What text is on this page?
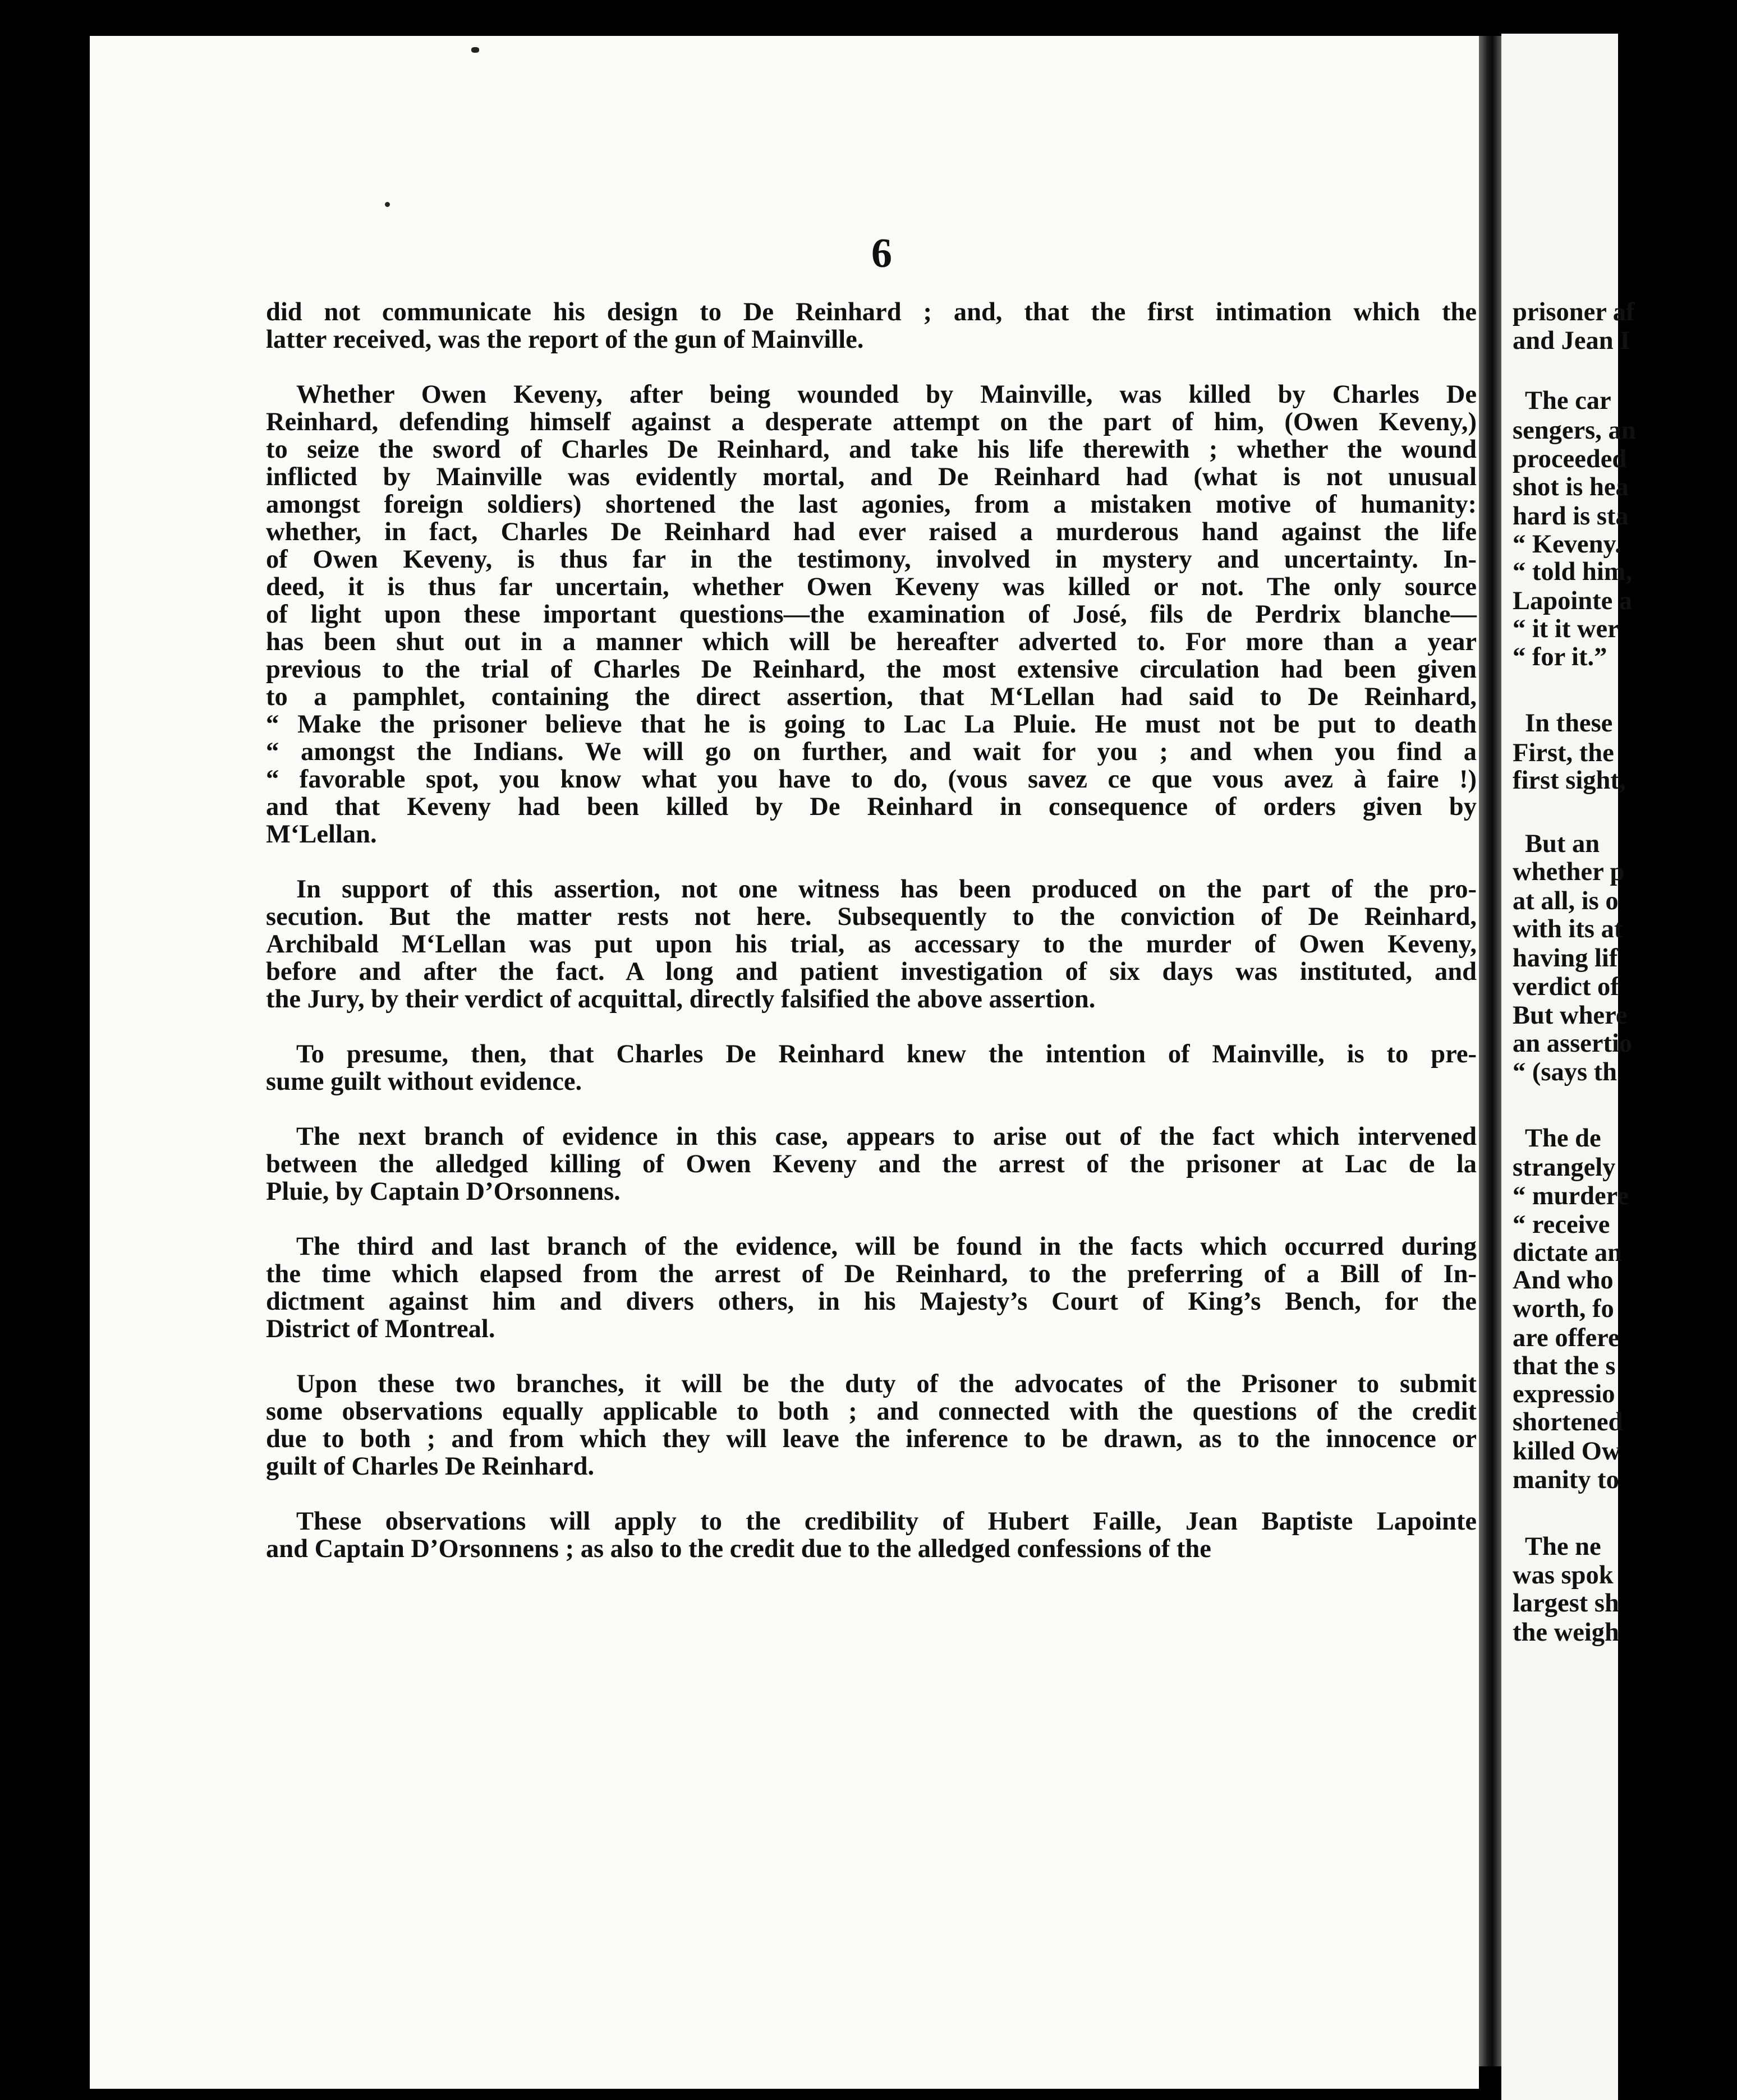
prisoner af
and Jean I
The car
sengers, an
proceeded
shot is hea
hard is sta
“ Keveny.
“ told him,
Lapointe a
“ it it wer
“ for it.”
In these
First, the
first sight,
But an
whether p
at all, is o
with its at
having lif
verdict of
But where
an assertio
“ (says th
The de
strangely
“ murdere
“ receive
dictate an
And who
worth, fo
are offere
that the s
expressio
shortened
killed Ow
manity to
The ne
was spok
largest sh
the weigh
6

did not communicate his design to De Reinhard ; and, that the first intimation which the
latter received, was the report of the gun of Mainville.

Whether Owen Keveny, after being wounded by Mainville, was killed by Charles De
Reinhard, defending himself against a desperate attempt on the part of him, (Owen Keveny,)
to seize the sword of Charles De Reinhard, and take his life therewith ; whether the wound
inflicted by Mainville was evidently mortal, and De Reinhard had (what is not unusual
amongst foreign soldiers) shortened the last agonies, from a mistaken motive of humanity:
whether, in fact, Charles De Reinhard had ever raised a murderous hand against the life
of Owen Keveny, is thus far in the testimony, involved in mystery and uncertainty. In-
deed, it is thus far uncertain, whether Owen Keveny was killed or not. The only source
of light upon these important questions—the examination of José, fils de Perdrix blanche—
has been shut out in a manner which will be hereafter adverted to. For more than a year
previous to the trial of Charles De Reinhard, the most extensive circulation had been given
to a pamphlet, containing the direct assertion, that M‘Lellan had said to De Reinhard,
“ Make the prisoner believe that he is going to Lac La Pluie. He must not be put to death
“ amongst the Indians. We will go on further, and wait for you ; and when you find a
“ favorable spot, you know what you have to do, (vous savez ce que vous avez à faire !)
and that Keveny had been killed by De Reinhard in consequence of orders given by
M‘Lellan.

In support of this assertion, not one witness has been produced on the part of the pro-
secution. But the matter rests not here. Subsequently to the conviction of De Reinhard,
Archibald M‘Lellan was put upon his trial, as accessary to the murder of Owen Keveny,
before and after the fact. A long and patient investigation of six days was instituted, and
the Jury, by their verdict of acquittal, directly falsified the above assertion.

To presume, then, that Charles De Reinhard knew the intention of Mainville, is to pre-
sume guilt without evidence.

The next branch of evidence in this case, appears to arise out of the fact which intervened
between the alledged killing of Owen Keveny and the arrest of the prisoner at Lac de la
Pluie, by Captain D’Orsonnens.

The third and last branch of the evidence, will be found in the facts which occurred during
the time which elapsed from the arrest of De Reinhard, to the preferring of a Bill of In-
dictment against him and divers others, in his Majesty’s Court of King’s Bench, for the
District of Montreal.

Upon these two branches, it will be the duty of the advocates of the Prisoner to submit
some observations equally applicable to both ; and connected with the questions of the credit
due to both ; and from which they will leave the inference to be drawn, as to the innocence or
guilt of Charles De Reinhard.

These observations will apply to the credibility of Hubert Faille, Jean Baptiste Lapointe
and Captain D’Orsonnens ; as also to the credit due to the alledged confessions of the
